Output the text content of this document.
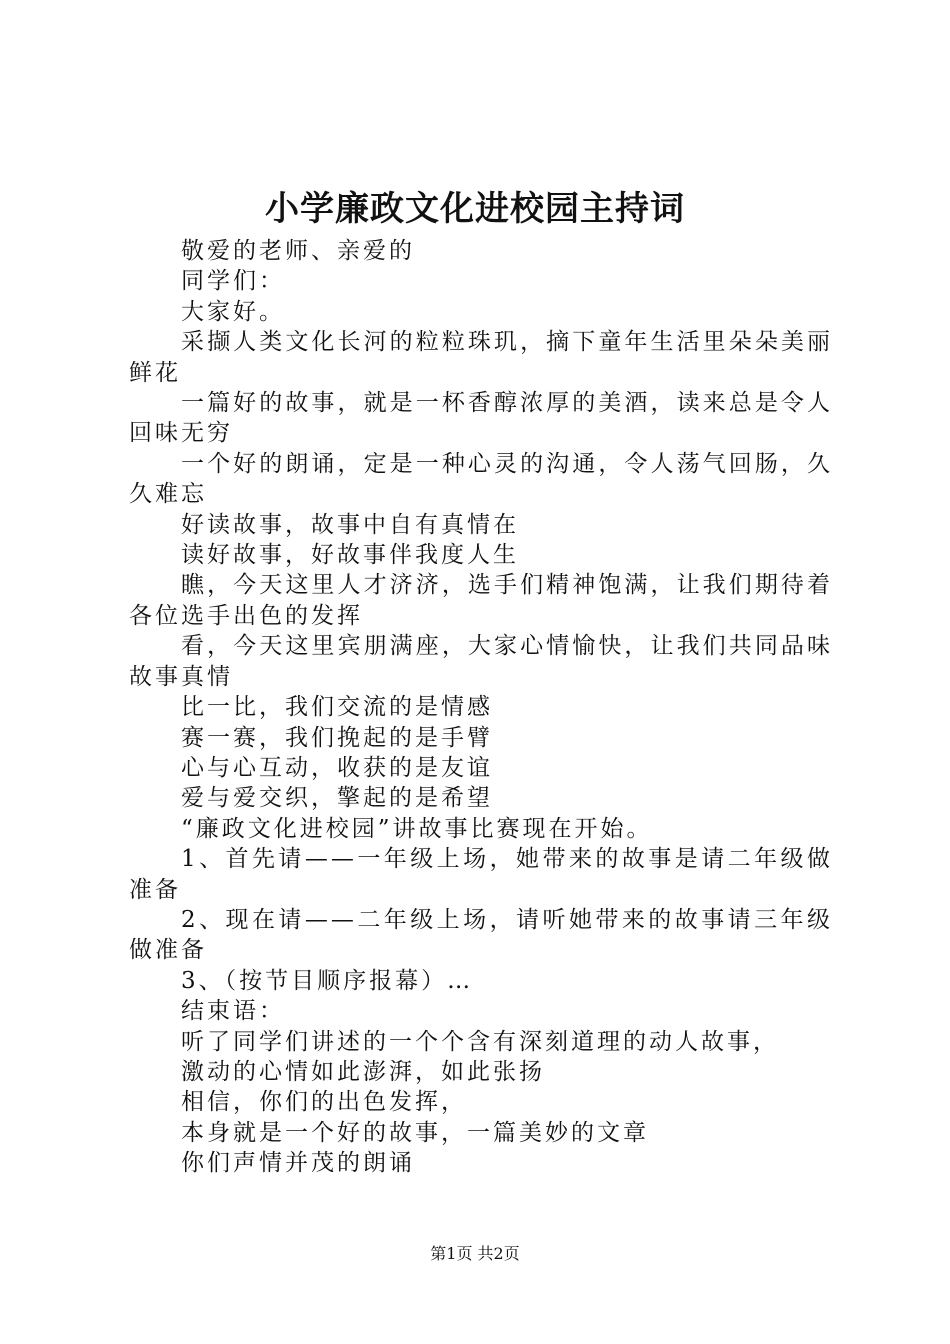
小学廉政文化进校园主持词

敬爱的老师、亲爱的

同学们：

大家好。

采撷人类文化长河的粒粒珠玑，摘下童年生活里朵朵美丽鲜花

一篇好的故事，就是一杯香醇浓厚的美酒，读来总是令人回味无穷

一个好的朗诵，定是一种心灵的沟通，令人荡气回肠，久久难忘

好读故事，故事中自有真情在

读好故事，好故事伴我度人生

瞧，今天这里人才济济，选手们精神饱满，让我们期待着各位选手出色的发挥

看，今天这里宾朋满座，大家心情愉快，让我们共同品味故事真情

比一比，我们交流的是情感

赛一赛，我们挽起的是手臂

心与心互动，收获的是友谊

爱与爱交织，擎起的是希望

“廉政文化进校园”讲故事比赛现在开始。

1、首先请——一年级上场，她带来的故事是请二年级做准备

2、现在请——二年级上场，请听她带来的故事请三年级做准备

3、（按节目顺序报幕）…

结束语：

听了同学们讲述的一个个含有深刻道理的动人故事，

激动的心情如此澎湃，如此张扬

相信，你们的出色发挥，

本身就是一个好的故事，一篇美妙的文章

你们声情并茂的朗诵

第1页 共2页
